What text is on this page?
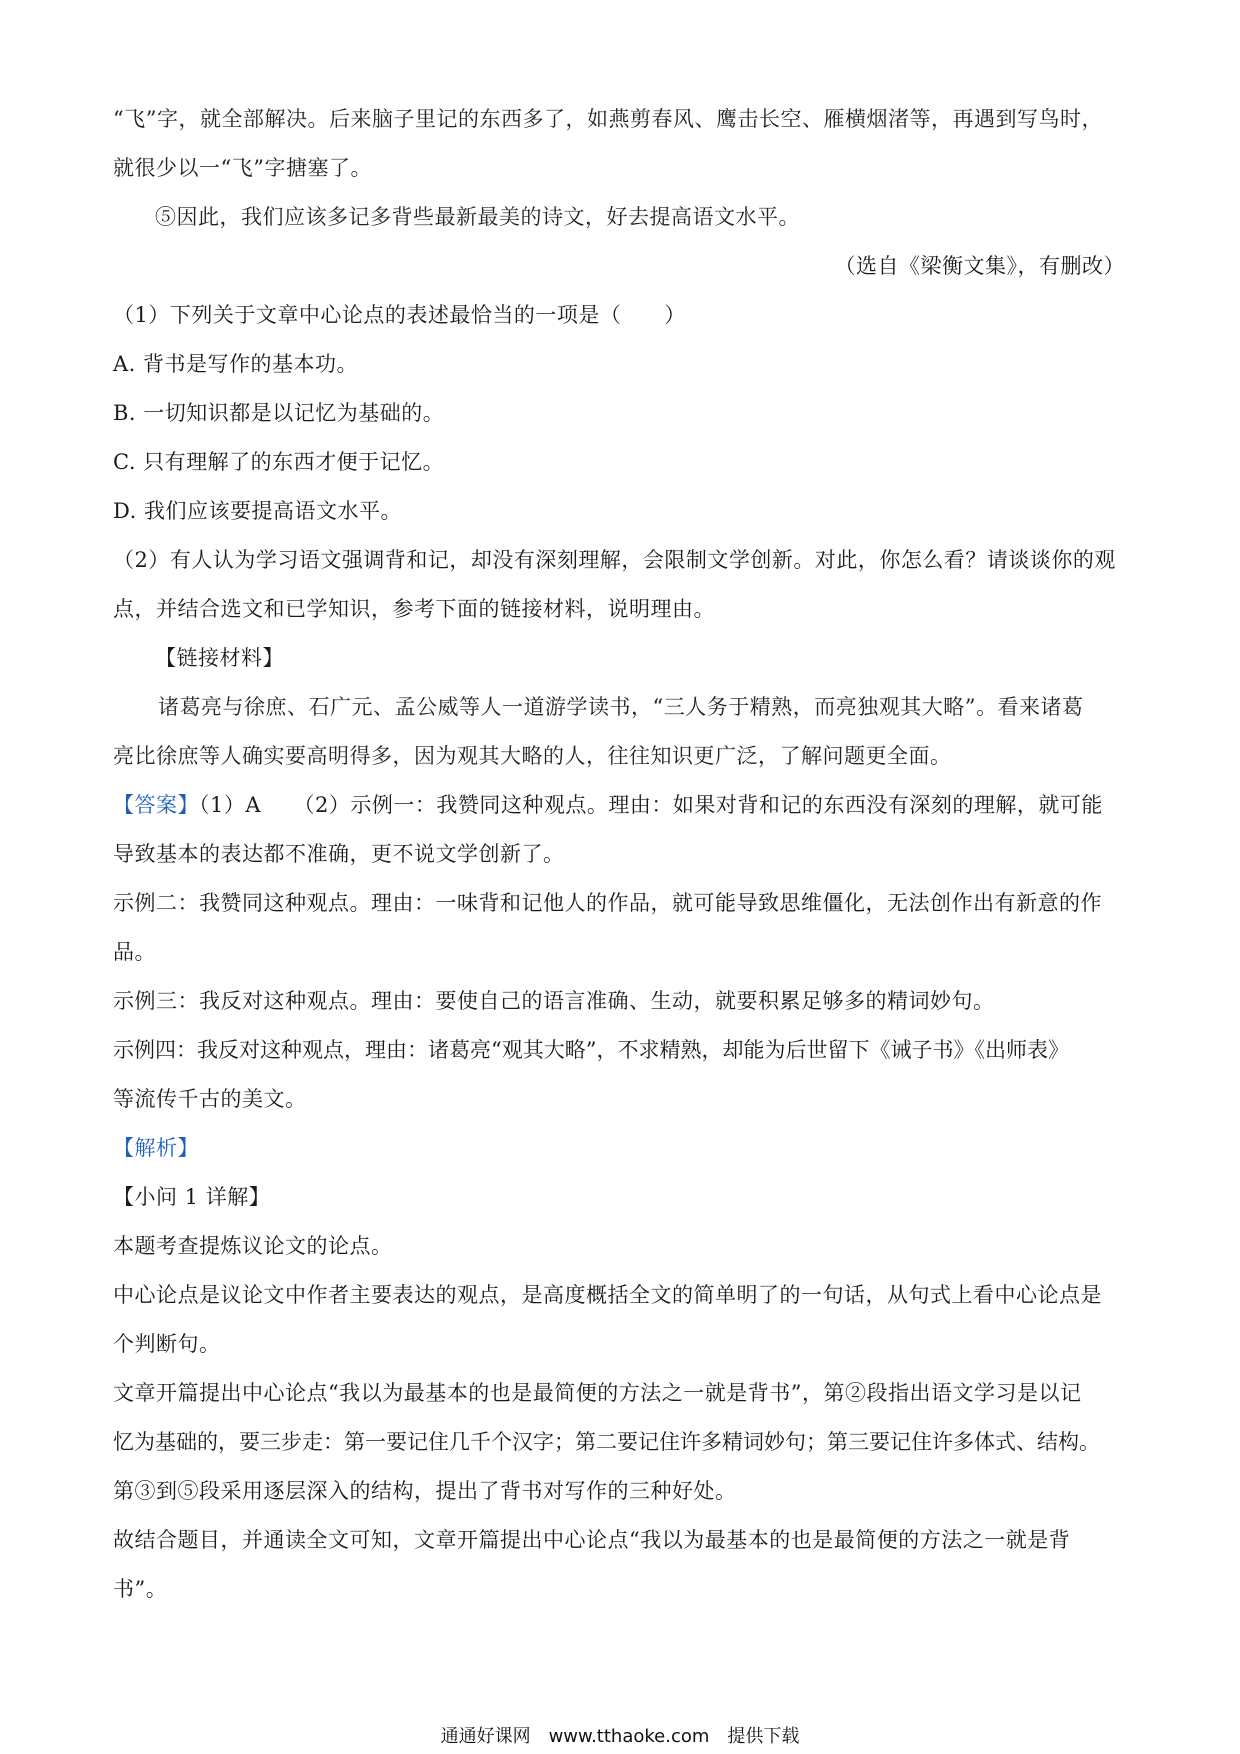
“飞”字，就全部解决。后来脑子里记的东西多了，如燕剪春风、鹰击长空、雁横烟渚等，再遇到写鸟时，
就很少以一“飞”字搪塞了。
⑤因此，我们应该多记多背些最新最美的诗文，好去提高语文水平。
（选自《梁衡文集》，有删改）
（1）下列关于文章中心论点的表述最恰当的一项是（　　）
A. 背书是写作的基本功。
B. 一切知识都是以记忆为基础的。
C. 只有理解了的东西才便于记忆。
D. 我们应该要提高语文水平。
（2）有人认为学习语文强调背和记，却没有深刻理解，会限制文学创新。对此，你怎么看？请谈谈你的观
点，并结合选文和已学知识，参考下面的链接材料，说明理由。
【链接材料】
诸葛亮与徐庶、石广元、孟公威等人一道游学读书，“三人务于精熟，而亮独观其大略”。看来诸葛
亮比徐庶等人确实要高明得多，因为观其大略的人，往往知识更广泛，了解问题更全面。
【答案】（1）A　　（2）示例一：我赞同这种观点。理由：如果对背和记的东西没有深刻的理解，就可能
导致基本的表达都不准确，更不说文学创新了。
示例二：我赞同这种观点。理由：一味背和记他人的作品，就可能导致思维僵化，无法创作出有新意的作
品。
示例三：我反对这种观点。理由：要使自己的语言准确、生动，就要积累足够多的精词妙句。
示例四：我反对这种观点，理由：诸葛亮“观其大略”，不求精熟，却能为后世留下《诫子书》《出师表》
等流传千古的美文。
【解析】
【小问 1 详解】
本题考查提炼议论文的论点。
中心论点是议论文中作者主要表达的观点，是高度概括全文的简单明了的一句话，从句式上看中心论点是
个判断句。
文章开篇提出中心论点“我以为最基本的也是最简便的方法之一就是背书”，第②段指出语文学习是以记
忆为基础的，要三步走：第一要记住几千个汉字；第二要记住许多精词妙句；第三要记住许多体式、结构。
第③到⑤段采用逐层深入的结构，提出了背书对写作的三种好处。
故结合题目，并通读全文可知，文章开篇提出中心论点“我以为最基本的也是最简便的方法之一就是背
书”。
通通好课网　www.tthaoke.com　提供下载
